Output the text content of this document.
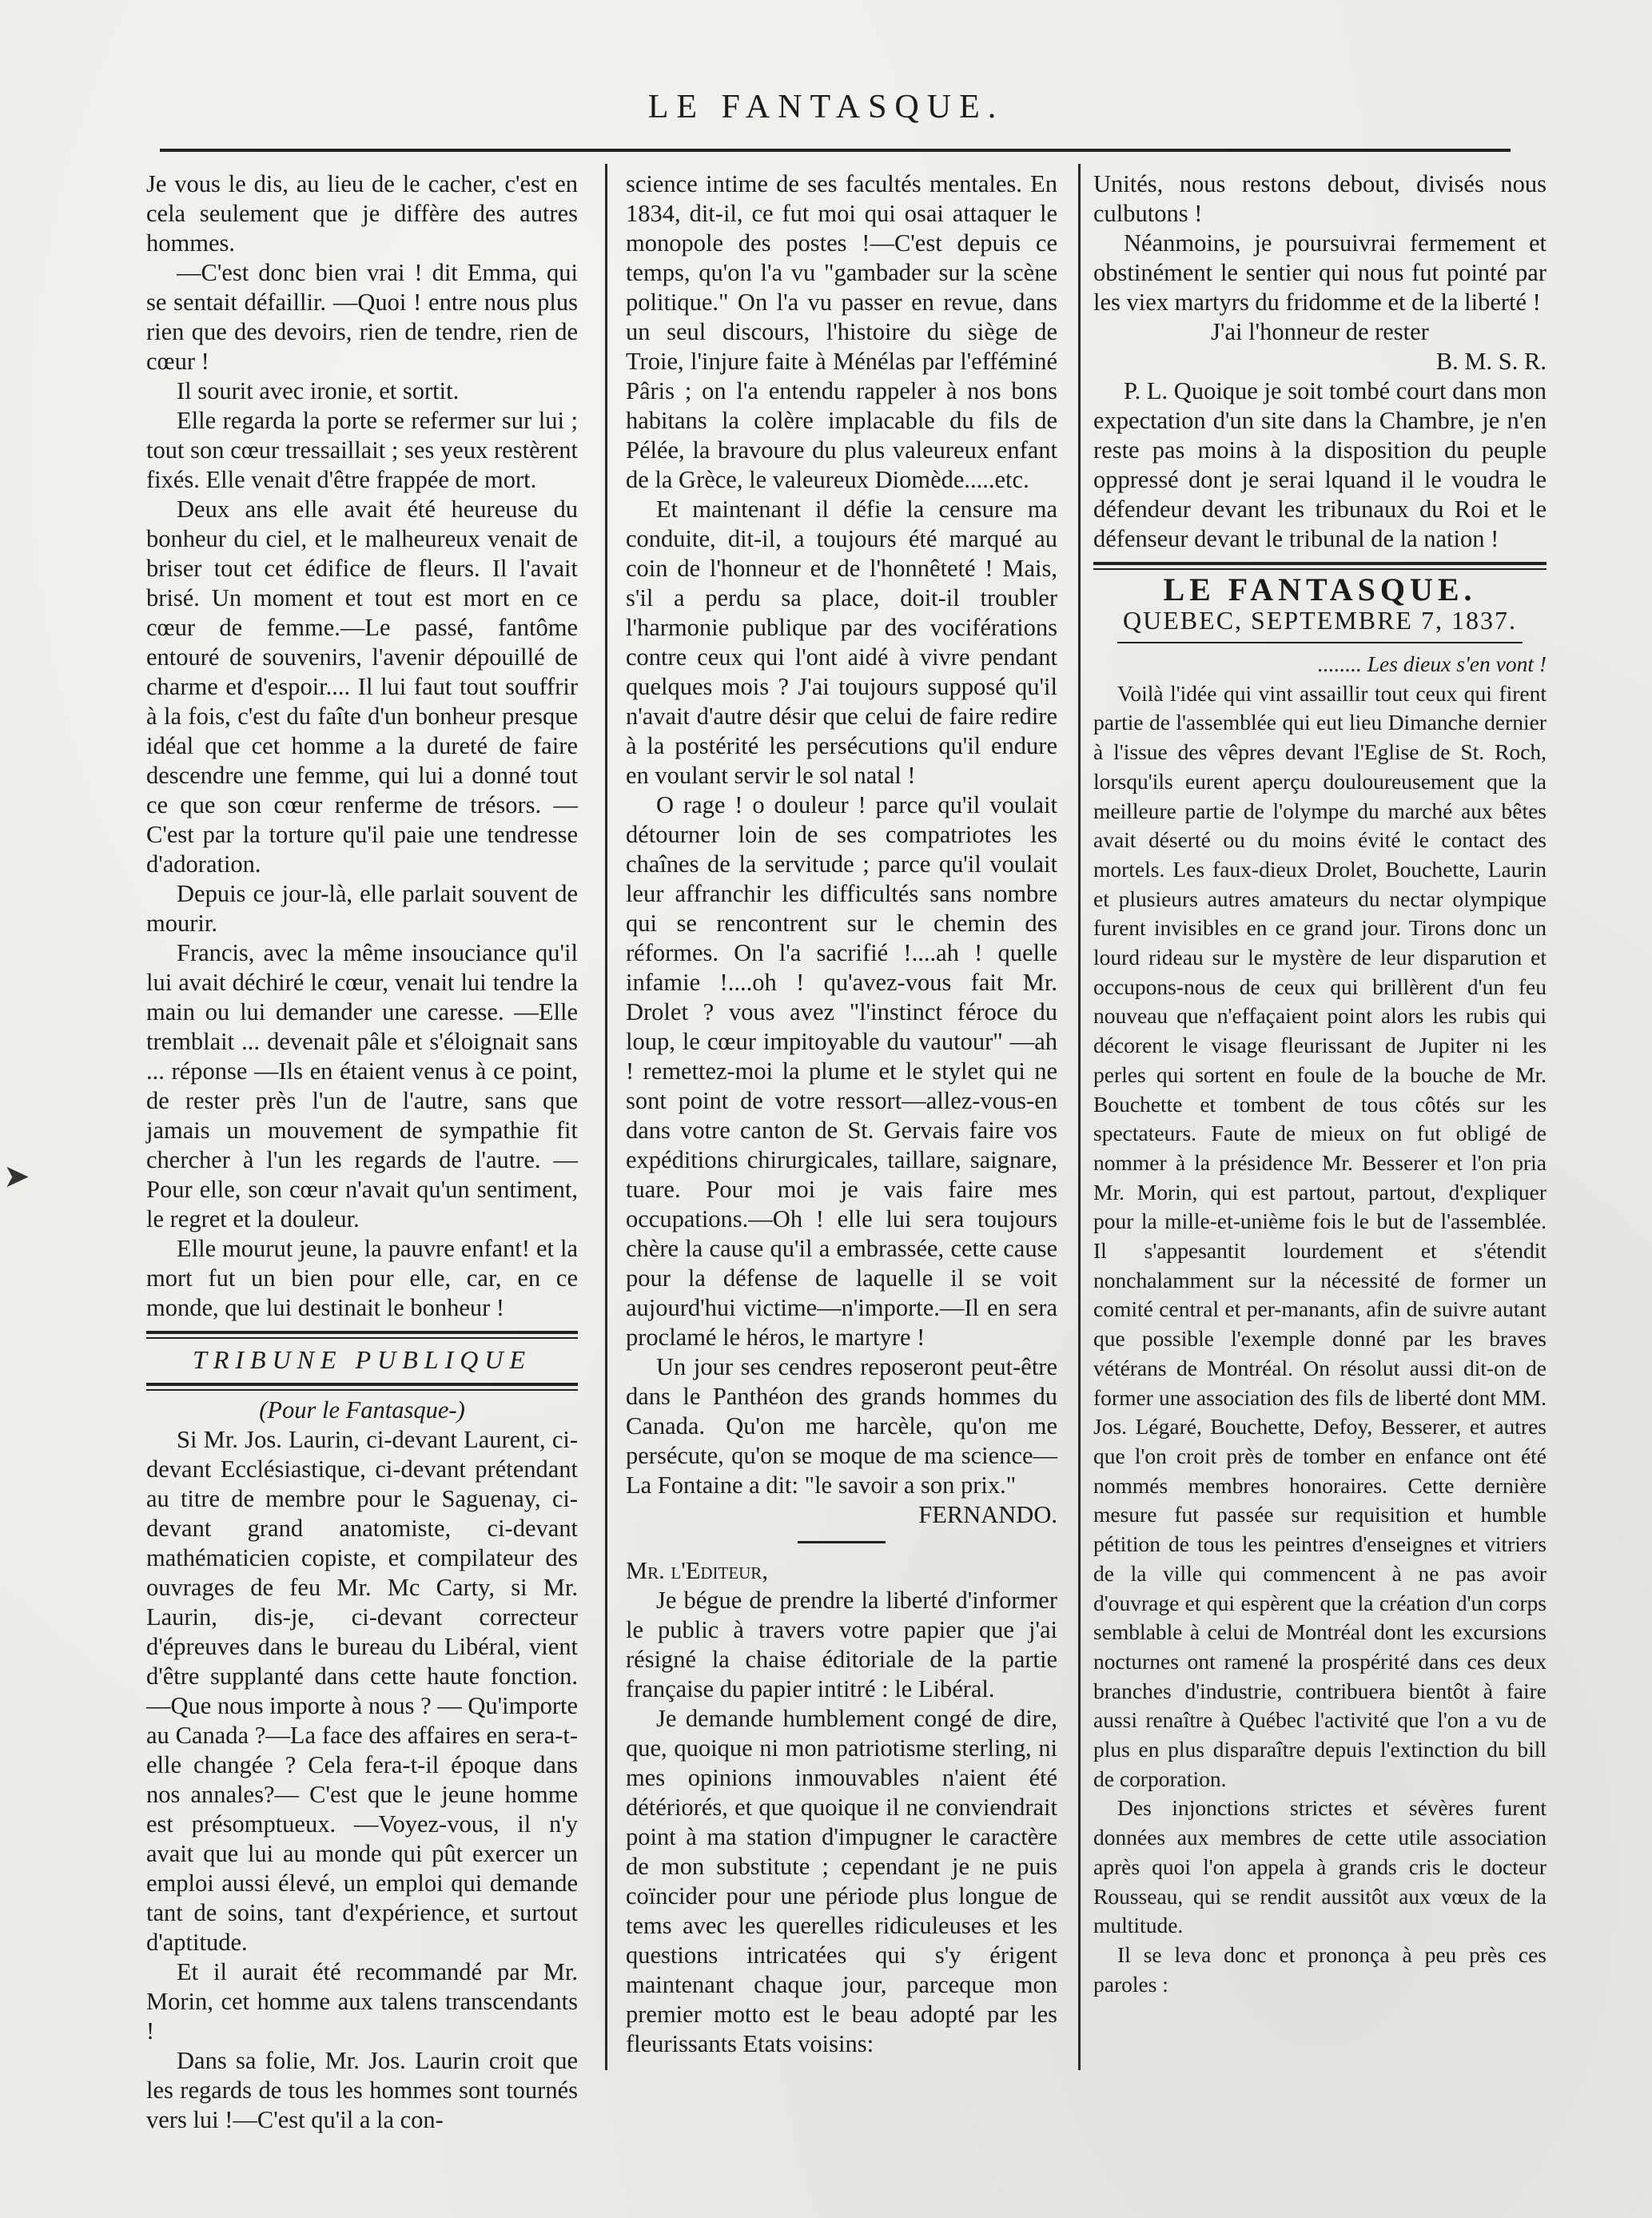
LE FANTASQUE.

Je vous le dis, au lieu de le cacher, c'est en cela seulement que je diffère des autres hommes.

—C'est donc bien vrai ! dit Emma, qui se sentait défaillir. —Quoi ! entre nous plus rien que des devoirs, rien de tendre, rien de cœur !

Il sourit avec ironie, et sortit.

Elle regarda la porte se refermer sur lui ; tout son cœur tressaillait ; ses yeux restèrent fixés. Elle venait d'être frappée de mort.

Deux ans elle avait été heureuse du bonheur du ciel, et le malheureux venait de briser tout cet édifice de fleurs. Il l'avait brisé. Un moment et tout est mort en ce cœur de femme.—Le passé, fantôme entouré de souvenirs, l'avenir dépouillé de charme et d'espoir.... Il lui faut tout souffrir à la fois, c'est du faîte d'un bonheur presque idéal que cet homme a la dureté de faire descendre une femme, qui lui a donné tout ce que son cœur renferme de trésors. —C'est par la torture qu'il paie une tendresse d'adoration.

Depuis ce jour-là, elle parlait souvent de mourir.

Francis, avec la même insouciance qu'il lui avait déchiré le cœur, venait lui tendre la main ou lui demander une caresse. —Elle tremblait ... devenait pâle et s'éloignait sans ... réponse —Ils en étaient venus à ce point, de rester près l'un de l'autre, sans que jamais un mouvement de sympathie fit chercher à l'un les regards de l'autre. — Pour elle, son cœur n'avait qu'un sentiment, le regret et la douleur.

Elle mourut jeune, la pauvre enfant! et la mort fut un bien pour elle, car, en ce monde, que lui destinait le bonheur !

TRIBUNE PUBLIQUE

(Pour le Fantasque-)

Si Mr. Jos. Laurin, ci-devant Laurent, ci-devant Ecclésiastique, ci-devant prétendant au titre de membre pour le Saguenay, ci-devant grand anatomiste, ci-devant mathématicien copiste, et compilateur des ouvrages de feu Mr. Mc Carty, si Mr. Laurin, dis-je, ci-devant correcteur d'épreuves dans le bureau du Libéral, vient d'être supplanté dans cette haute fonction.—Que nous importe à nous ? — Qu'importe au Canada ?—La face des affaires en sera-t-elle changée ? Cela fera-t-il époque dans nos annales?— C'est que le jeune homme est présomptueux. —Voyez-vous, il n'y avait que lui au monde qui pût exercer un emploi aussi élevé, un emploi qui demande tant de soins, tant d'expérience, et surtout d'aptitude.

Et il aurait été recommandé par Mr. Morin, cet homme aux talens transcendants !

Dans sa folie, Mr. Jos. Laurin croit que les regards de tous les hommes sont tournés vers lui !—C'est qu'il a la con-

science intime de ses facultés mentales. En 1834, dit-il, ce fut moi qui osai attaquer le monopole des postes !—C'est depuis ce temps, qu'on l'a vu "gambader sur la scène politique." On l'a vu passer en revue, dans un seul discours, l'histoire du siège de Troie, l'injure faite à Ménélas par l'efféminé Pâris ; on l'a entendu rappeler à nos bons habitans la colère implacable du fils de Pélée, la bravoure du plus valeureux enfant de la Grèce, le valeureux Diomède.....etc.

Et maintenant il défie la censure ma conduite, dit-il, a toujours été marqué au coin de l'honneur et de l'honnêteté ! Mais, s'il a perdu sa place, doit-il troubler l'harmonie publique par des vociférations contre ceux qui l'ont aidé à vivre pendant quelques mois ? J'ai toujours supposé qu'il n'avait d'autre désir que celui de faire redire à la postérité les persécutions qu'il endure en voulant servir le sol natal !

O rage ! o douleur ! parce qu'il voulait détourner loin de ses compatriotes les chaînes de la servitude ; parce qu'il voulait leur affranchir les difficultés sans nombre qui se rencontrent sur le chemin des réformes. On l'a sacrifié !....ah ! quelle infamie !....oh ! qu'avez-vous fait Mr. Drolet ? vous avez "l'instinct féroce du loup, le cœur impitoyable du vautour" —ah ! remettez-moi la plume et le stylet qui ne sont point de votre ressort—allez-vous-en dans votre canton de St. Gervais faire vos expéditions chirurgicales, taillare, saignare, tuare. Pour moi je vais faire mes occupations.—Oh ! elle lui sera toujours chère la cause qu'il a embrassée, cette cause pour la défense de laquelle il se voit aujourd'hui victime—n'importe.—Il en sera proclamé le héros, le martyre !

Un jour ses cendres reposeront peut-être dans le Panthéon des grands hommes du Canada. Qu'on me harcèle, qu'on me persécute, qu'on se moque de ma science—La Fontaine a dit: "le savoir a son prix."

FERNANDO.

Mr. l'Editeur,

Je bégue de prendre la liberté d'informer le public à travers votre papier que j'ai résigné la chaise éditoriale de la partie française du papier intitré : le Libéral.

Je demande humblement congé de dire, que, quoique ni mon patriotisme sterling, ni mes opinions inmouvables n'aient été détériorés, et que quoique il ne conviendrait point à ma station d'impugner le caractère de mon substitute ; cependant je ne puis coïncider pour une période plus longue de tems avec les querelles ridiculeuses et les questions intricatées qui s'y érigent maintenant chaque jour, parceque mon premier motto est le beau adopté par les fleurissants Etats voisins:

Unités, nous restons debout, divisés nous culbutons !

Néanmoins, je poursuivrai fermement et obstinément le sentier qui nous fut pointé par les viex martyrs du fridomme et de la liberté !

J'ai l'honneur de rester

B. M. S. R.

P. L. Quoique je soit tombé court dans mon expectation d'un site dans la Chambre, je n'en reste pas moins à la disposition du peuple oppressé dont je serai lquand il le voudra le défendeur devant les tribunaux du Roi et le défenseur devant le tribunal de la nation !

LE FANTASQUE.
QUEBEC, SEPTEMBRE 7, 1837.

........ Les dieux s'en vont !

Voilà l'idée qui vint assaillir tout ceux qui firent partie de l'assemblée qui eut lieu Dimanche dernier à l'issue des vêpres devant l'Eglise de St. Roch, lorsqu'ils eurent aperçu douloureusement que la meilleure partie de l'olympe du marché aux bêtes avait déserté ou du moins évité le contact des mortels. Les faux-dieux Drolet, Bouchette, Laurin et plusieurs autres amateurs du nectar olympique furent invisibles en ce grand jour. Tirons donc un lourd rideau sur le mystère de leur disparution et occupons-nous de ceux qui brillèrent d'un feu nouveau que n'effaçaient point alors les rubis qui décorent le visage fleurissant de Jupiter ni les perles qui sortent en foule de la bouche de Mr. Bouchette et tombent de tous côtés sur les spectateurs. Faute de mieux on fut obligé de nommer à la présidence Mr. Besserer et l'on pria Mr. Morin, qui est partout, partout, d'expliquer pour la mille-et-unième fois le but de l'assemblée. Il s'appesantit lourdement et s'étendit nonchalamment sur la nécessité de former un comité central et per-manants, afin de suivre autant que possible l'exemple donné par les braves vétérans de Montréal. On résolut aussi dit-on de former une association des fils de liberté dont MM. Jos. Légaré, Bouchette, Defoy, Besserer, et autres que l'on croit près de tomber en enfance ont été nommés membres honoraires. Cette dernière mesure fut passée sur requisition et humble pétition de tous les peintres d'enseignes et vitriers de la ville qui commencent à ne pas avoir d'ouvrage et qui espèrent que la création d'un corps semblable à celui de Montréal dont les excursions nocturnes ont ramené la prospérité dans ces deux branches d'industrie, contribuera bientôt à faire aussi renaître à Québec l'activité que l'on a vu de plus en plus disparaître depuis l'extinction du bill de corporation.

Des injonctions strictes et sévères furent données aux membres de cette utile association après quoi l'on appela à grands cris le docteur Rousseau, qui se rendit aussitôt aux vœux de la multitude.

Il se leva donc et prononça à peu près ces paroles :

➤
